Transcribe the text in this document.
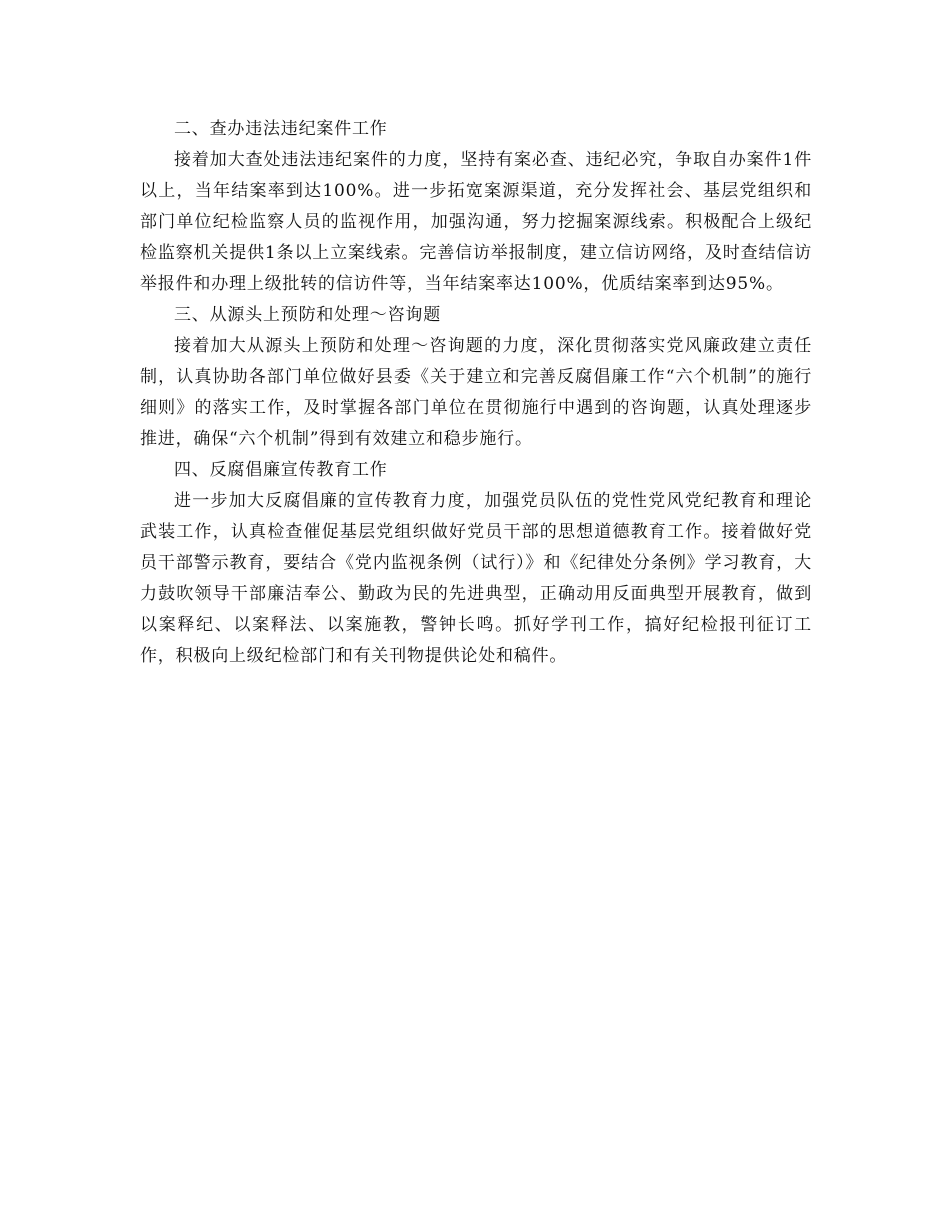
二、查办违法违纪案件工作

接着加大查处违法违纪案件的力度，坚持有案必查、违纪必究，争取自办案件1件以上，当年结案率到达100%。进一步拓宽案源渠道，充分发挥社会、基层党组织和部门单位纪检监察人员的监视作用，加强沟通，努力挖掘案源线索。积极配合上级纪检监察机关提供1条以上立案线索。完善信访举报制度，建立信访网络，及时查结信访举报件和办理上级批转的信访件等，当年结案率达100%，优质结案率到达95%。

三、从源头上预防和处理～咨询题

接着加大从源头上预防和处理～咨询题的力度，深化贯彻落实党风廉政建立责任制，认真协助各部门单位做好县委《关于建立和完善反腐倡廉工作“六个机制”的施行细则》的落实工作，及时掌握各部门单位在贯彻施行中遇到的咨询题，认真处理逐步推进，确保“六个机制”得到有效建立和稳步施行。

四、反腐倡廉宣传教育工作

进一步加大反腐倡廉的宣传教育力度，加强党员队伍的党性党风党纪教育和理论武装工作，认真检查催促基层党组织做好党员干部的思想道德教育工作。接着做好党员干部警示教育，要结合《党内监视条例（试行）》和《纪律处分条例》学习教育，大力鼓吹领导干部廉洁奉公、勤政为民的先进典型，正确动用反面典型开展教育，做到以案释纪、以案释法、以案施教，警钟长鸣。抓好学刊工作，搞好纪检报刊征订工作，积极向上级纪检部门和有关刊物提供论处和稿件。
